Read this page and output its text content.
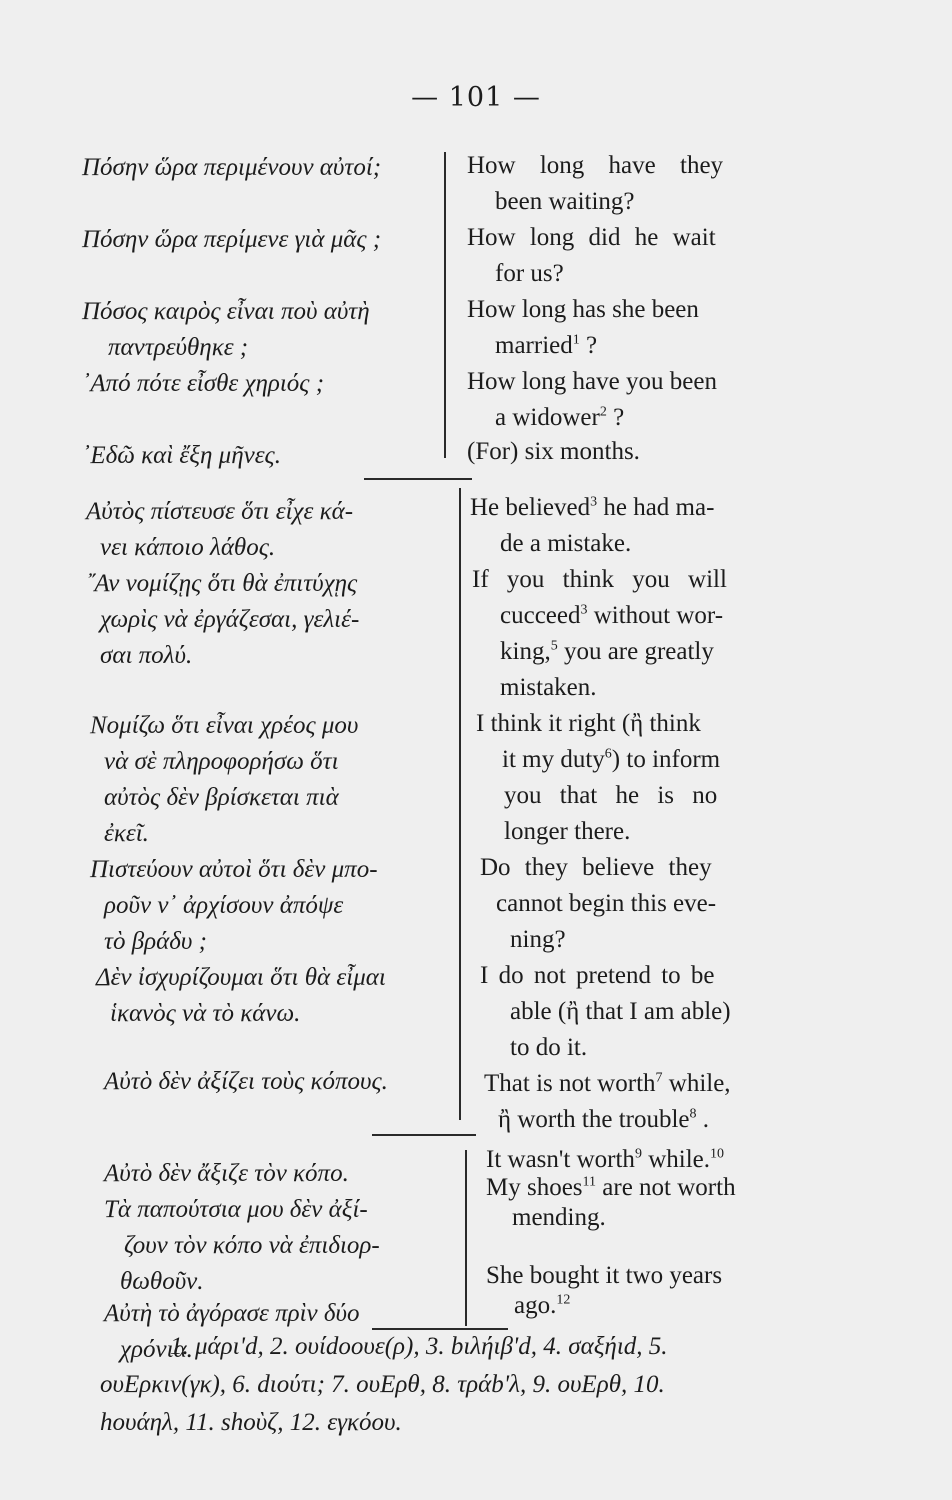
— 101 —
Πόσην ὥρα περιμένουν αὐτοί;
Πόσην ὥρα περίμενε γιὰ μᾶς ;
Πόσος καιρὸς εἶναι ποὺ αὐτὴ
παντρεύθηκε ;
᾿Από πότε εἶσθε χηριός ;
᾿Εδῶ καὶ ἔξη μῆνες.
How long have they
been waiting?
How long did he wait
for us?
How long has she been
married$^1$ ?
How long have you been
a widower$^2$ ?
(For) six months.
Αὐτὸς πίστευσε ὅτι εἶχε κά-
νει κάποιο λάθος.
῎Αν νομίζῃς ὅτι θὰ ἐπιτύχῃς
χωρὶς νὰ ἐργάζεσαι, γελιέ-
σαι πολύ.
Νομίζω ὅτι εἶναι χρέος μου
νὰ σὲ πληροφορήσω ὅτι
αὐτὸς δὲν βρίσκεται πιὰ
ἐκεῖ.
Πιστεύουν αὐτοὶ ὅτι δὲν μπο-
ροῦν ν᾿ ἀρχίσουν ἀπόψε
τὸ βράδυ ;
Δὲν ἰσχυρίζουμαι ὅτι θὰ εἶμαι
ἱκανὸς νὰ τὸ κάνω.
Αὐτὸ δὲν ἀξίζει τοὺς κόπους.
He believed$^3$ he had ma-
de a mistake.
If you think you will
cucceed$^3$ without wor-
king,$^5$ you are greatly
mistaken.
I think it right (ἢ think
it my duty$^6$) to inform
you that he is no
longer there.
Do they believe they
cannot begin this eve-
ning?
I do not pretend to be
able (ἢ that I am able)
to do it.
That is not worth$^7$ while,
ἢ worth the trouble$^8$ .
Αὐτὸ δὲν ἄξιζε τὸν κόπο.
Τὰ παπούτσια μου δὲν ἀξί-
ζουν τὸν κόπο νὰ ἐπιδιορ-
θωθοῦν.
Αὐτὴ τὸ ἀγόρασε πρὶν δύο
χρόνια.
It wasn't worth$^9$ while.$^{10}$
My shoes$^{11}$ are not worth
mending.
She bought it two years
ago.$^{12}$
1. μάρι'd, 2. ουίdooυε(ρ), 3. bιλήιβ'd, 4. σαξήιd, 5.
ουΕρκιν(γκ), 6. dιούτι; 7. ουΕρθ, 8. τράb'λ, 9. ουΕρθ, 10.
hουάηλ, 11. shοὺζ, 12. εγκόου.
